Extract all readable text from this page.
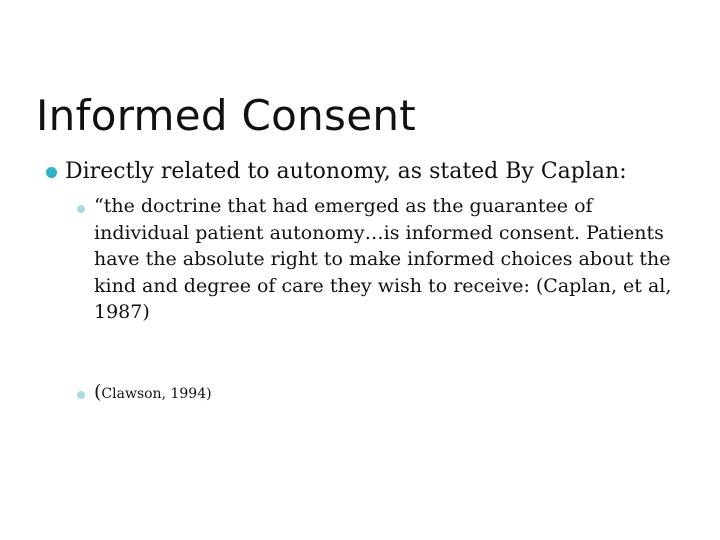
Informed Consent
Directly related to autonomy, as stated By Caplan:
“the doctrine that had emerged as the guarantee of individual patient autonomy…is informed consent. Patients have the absolute right to make informed choices about the kind and degree of care they wish to receive: (Caplan, et al, 1987)
(Clawson, 1994)
